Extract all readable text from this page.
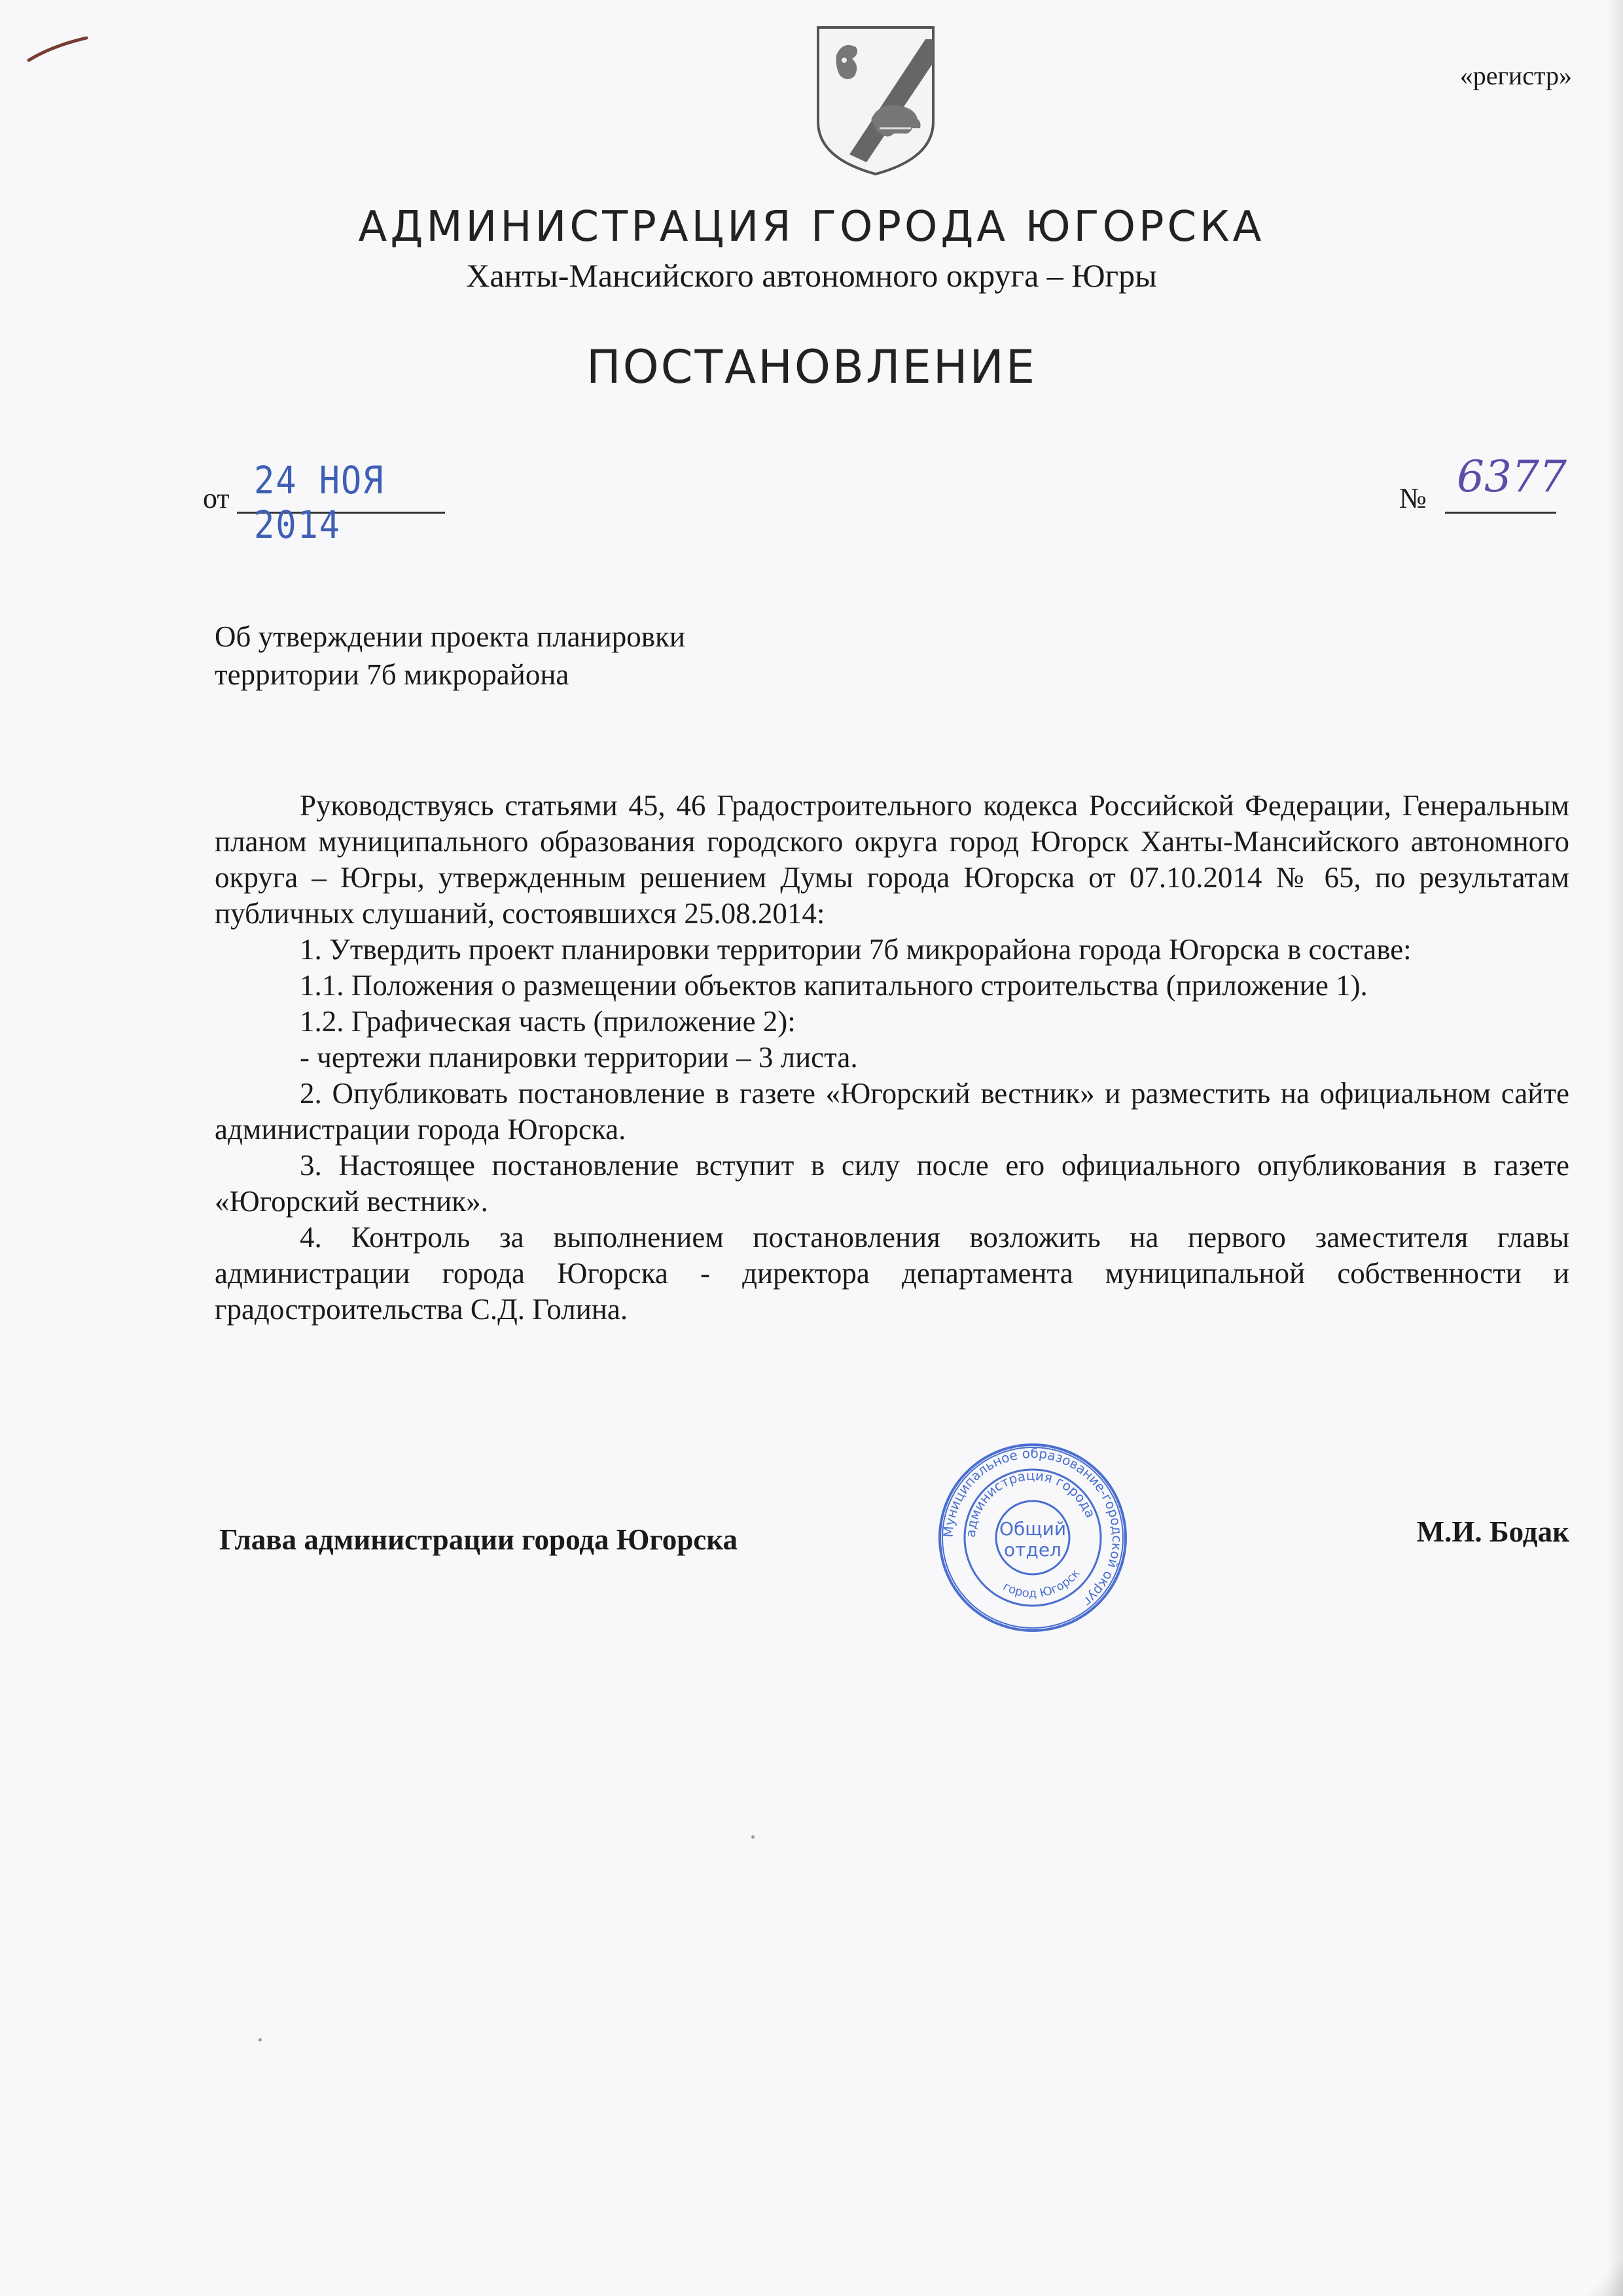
«регистр»
АДМИНИСТРАЦИЯ ГОРОДА ЮГОРСКА
Ханты-Мансийского автономного округа – Югры
ПОСТАНОВЛЕНИЕ
от 24 НОЯ 2014
№ 6377
Об утверждении проекта планировки
территории 7б микрорайона

Руководствуясь статьями 45, 46 Градостроительного кодекса Российской Федерации, Генеральным планом муниципального образования городского округа город Югорск Ханты-Мансийского автономного округа – Югры, утвержденным решением Думы города Югорска от 07.10.2014 № 65, по результатам публичных слушаний, состоявшихся 25.08.2014:

1. Утвердить проект планировки территории 7б микрорайона города Югорска в составе:

1.1. Положения о размещении объектов капитального строительства (приложение 1).

1.2. Графическая часть (приложение 2):

- чертежи планировки территории – 3 листа.

2. Опубликовать постановление в газете «Югорский вестник» и разместить на официальном сайте администрации города Югорска.

3. Настоящее постановление вступит в силу после его официального опубликования в газете «Югорский вестник».

4. Контроль за выполнением постановления возложить на первого заместителя главы администрации города Югорска - директора департамента муниципальной собственности и градостроительства С.Д. Голина.

Глава администрации города Югорска	М.И. Бодак
Муниципальное образование-городской округ
администрация города
город Югорск
Общий
отдел
